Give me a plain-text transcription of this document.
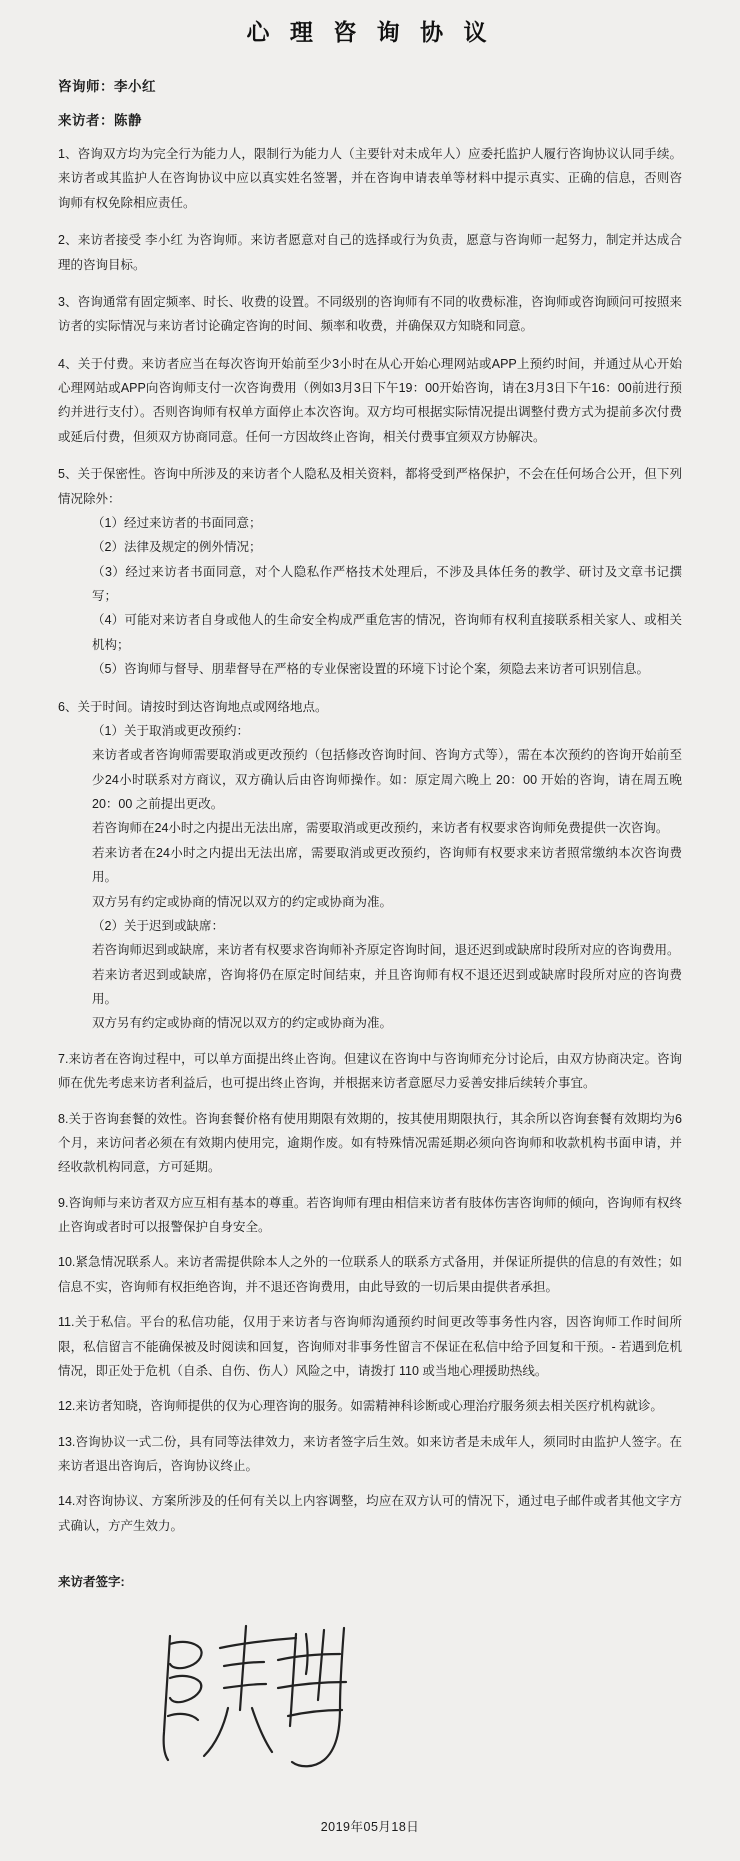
心 理 咨 询 协 议
咨询师：李小红
来访者：陈静

1、咨询双方均为完全行为能力人，限制行为能力人（主要针对未成年人）应委托监护人履行咨询协议认同手续。来访者或其监护人在咨询协议中应以真实姓名签署，并在咨询申请表单等材料中提示真实、正确的信息，否则咨询师有权免除相应责任。

2、来访者接受 李小红 为咨询师。来访者愿意对自己的选择或行为负责，愿意与咨询师一起努力，制定并达成合理的咨询目标。

3、咨询通常有固定频率、时长、收费的设置。不同级别的咨询师有不同的收费标准，咨询师或咨询顾问可按照来访者的实际情况与来访者讨论确定咨询的时间、频率和收费，并确保双方知晓和同意。

4、关于付费。来访者应当在每次咨询开始前至少3小时在从心开始心理网站或APP上预约时间，并通过从心开始心理网站或APP向咨询师支付一次咨询费用（例如3月3日下午19：00开始咨询，请在3月3日下午16：00前进行预约并进行支付）。否则咨询师有权单方面停止本次咨询。双方均可根据实际情况提出调整付费方式为提前多次付费或延后付费，但须双方协商同意。任何一方因故终止咨询，相关付费事宜须双方协解决。

5、关于保密性。咨询中所涉及的来访者个人隐私及相关资料，都将受到严格保护，不会在任何场合公开，但下列情况除外：

（1）经过来访者的书面同意；

（2）法律及规定的例外情况；

（3）经过来访者书面同意，对个人隐私作严格技术处理后，不涉及具体任务的教学、研讨及文章书记撰写；

（4）可能对来访者自身或他人的生命安全构成严重危害的情况，咨询师有权利直接联系相关家人、或相关机构；

（5）咨询师与督导、朋辈督导在严格的专业保密设置的环境下讨论个案，须隐去来访者可识别信息。

6、关于时间。请按时到达咨询地点或网络地点。

（1）关于取消或更改预约：

来访者或者咨询师需要取消或更改预约（包括修改咨询时间、咨询方式等），需在本次预约的咨询开始前至少24小时联系对方商议，双方确认后由咨询师操作。如：原定周六晚上 20：00 开始的咨询，请在周五晚 20：00 之前提出更改。

若咨询师在24小时之内提出无法出席，需要取消或更改预约，来访者有权要求咨询师免费提供一次咨询。

若来访者在24小时之内提出无法出席，需要取消或更改预约，咨询师有权要求来访者照常缴纳本次咨询费用。

双方另有约定或协商的情况以双方的约定或协商为准。

（2）关于迟到或缺席：

若咨询师迟到或缺席，来访者有权要求咨询师补齐原定咨询时间，退还迟到或缺席时段所对应的咨询费用。

若来访者迟到或缺席，咨询将仍在原定时间结束，并且咨询师有权不退还迟到或缺席时段所对应的咨询费用。

双方另有约定或协商的情况以双方的约定或协商为准。

7.来访者在咨询过程中，可以单方面提出终止咨询。但建议在咨询中与咨询师充分讨论后，由双方协商决定。咨询师在优先考虑来访者利益后，也可提出终止咨询，并根据来访者意愿尽力妥善安排后续转介事宜。

8.关于咨询套餐的效性。咨询套餐价格有使用期限有效期的，按其使用期限执行，其余所以咨询套餐有效期均为6个月，来访问者必须在有效期内使用完，逾期作废。如有特殊情况需延期必须向咨询师和收款机构书面申请，并经收款机构同意，方可延期。

9.咨询师与来访者双方应互相有基本的尊重。若咨询师有理由相信来访者有肢体伤害咨询师的倾向，咨询师有权终止咨询或者时可以报警保护自身安全。

10.紧急情况联系人。来访者需提供除本人之外的一位联系人的联系方式备用，并保证所提供的信息的有效性；如信息不实，咨询师有权拒绝咨询，并不退还咨询费用，由此导致的一切后果由提供者承担。

11.关于私信。平台的私信功能，仅用于来访者与咨询师沟通预约时间更改等事务性内容，因咨询师工作时间所限，私信留言不能确保被及时阅读和回复，咨询师对非事务性留言不保证在私信中给予回复和干预。- 若遇到危机情况，即正处于危机（自杀、自伤、伤人）风险之中，请拨打 110 或当地心理援助热线。

12.来访者知晓，咨询师提供的仅为心理咨询的服务。如需精神科诊断或心理治疗服务须去相关医疗机构就诊。

13.咨询协议一式二份，具有同等法律效力，来访者签字后生效。如来访者是未成年人，须同时由监护人签字。在来访者退出咨询后，咨询协议终止。

14.对咨询协议、方案所涉及的任何有关以上内容调整，均应在双方认可的情况下，通过电子邮件或者其他文字方式确认，方产生效力。

来访者签字:
2019年05月18日
